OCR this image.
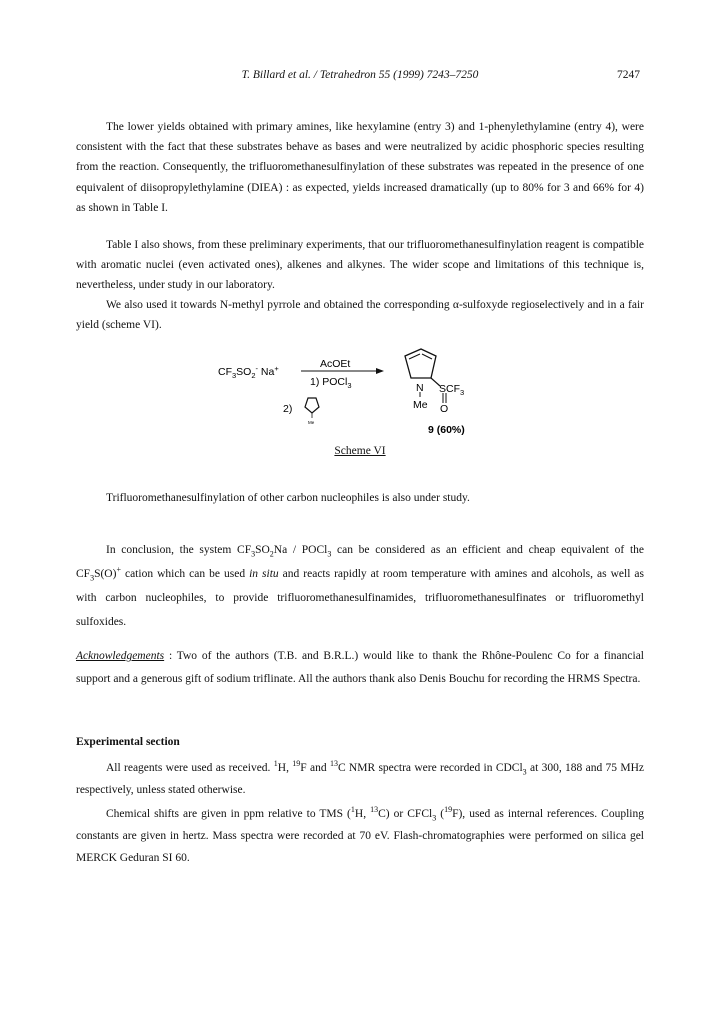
T. Billard et al. / Tetrahedron 55 (1999) 7243–7250	7247

The lower yields obtained with primary amines, like hexylamine (entry 3) and 1-phenylethylamine (entry 4), were consistent with the fact that these substrates behave as bases and were neutralized by acidic phosphoric species resulting from the reaction. Consequently, the trifluoromethanesulfinylation of these substrates was repeated in the presence of one equivalent of diisopropylethylamine (DIEA) : as expected, yields increased dramatically (up to 80% for 3 and 66% for 4) as shown in Table I.

Table I also shows, from these preliminary experiments, that our trifluoromethanesulfinylation reagent is compatible with aromatic nuclei (even activated ones), alkenes and alkynes. The wider scope and limitations of this technique is, nevertheless, under study in our laboratory.

We also used it towards N-methyl pyrrole and obtained the corresponding α-sulfoxyde regioselectively and in a fair yield (scheme VI).

$CF_3SO_2^-$ Na+	AcOEt
1) POCl$_3$
2)
Me
N $SCF_3$
Me O
9 (60%)
Scheme VI

Trifluoromethanesulfinylation of other carbon nucleophiles is also under study.

In conclusion, the system $CF_3SO_2Na$ / POCl$_3$ can be considered as an efficient and cheap equivalent of the $CF_3S(O)^+$ cation which can be used in situ and reacts rapidly at room temperature with amines and alcohols, as well as with carbon nucleophiles, to provide trifluoromethanesulfinamides, trifluoromethanesulfinates or trifluoromethyl sulfoxides.

Acknowledgements : Two of the authors (T.B. and B.R.L.) would like to thank the Rhône-Poulenc Co for a financial support and a generous gift of sodium triflinate. All the authors thank also Denis Bouchu for recording the HRMS Spectra.

Experimental section

All reagents were used as received. $^1$H, $^{19}$F and $^{13}$C NMR spectra were recorded in CDCl$_3$ at 300, 188 and 75 MHz respectively, unless stated otherwise.

Chemical shifts are given in ppm relative to TMS ($^1$H, $^{13}$C) or CFCl$_3$ ($^{19}$F), used as internal references. Coupling constants are given in hertz. Mass spectra were recorded at 70 eV. Flash-chromatographies were performed on silica gel MERCK Geduran SI 60.
